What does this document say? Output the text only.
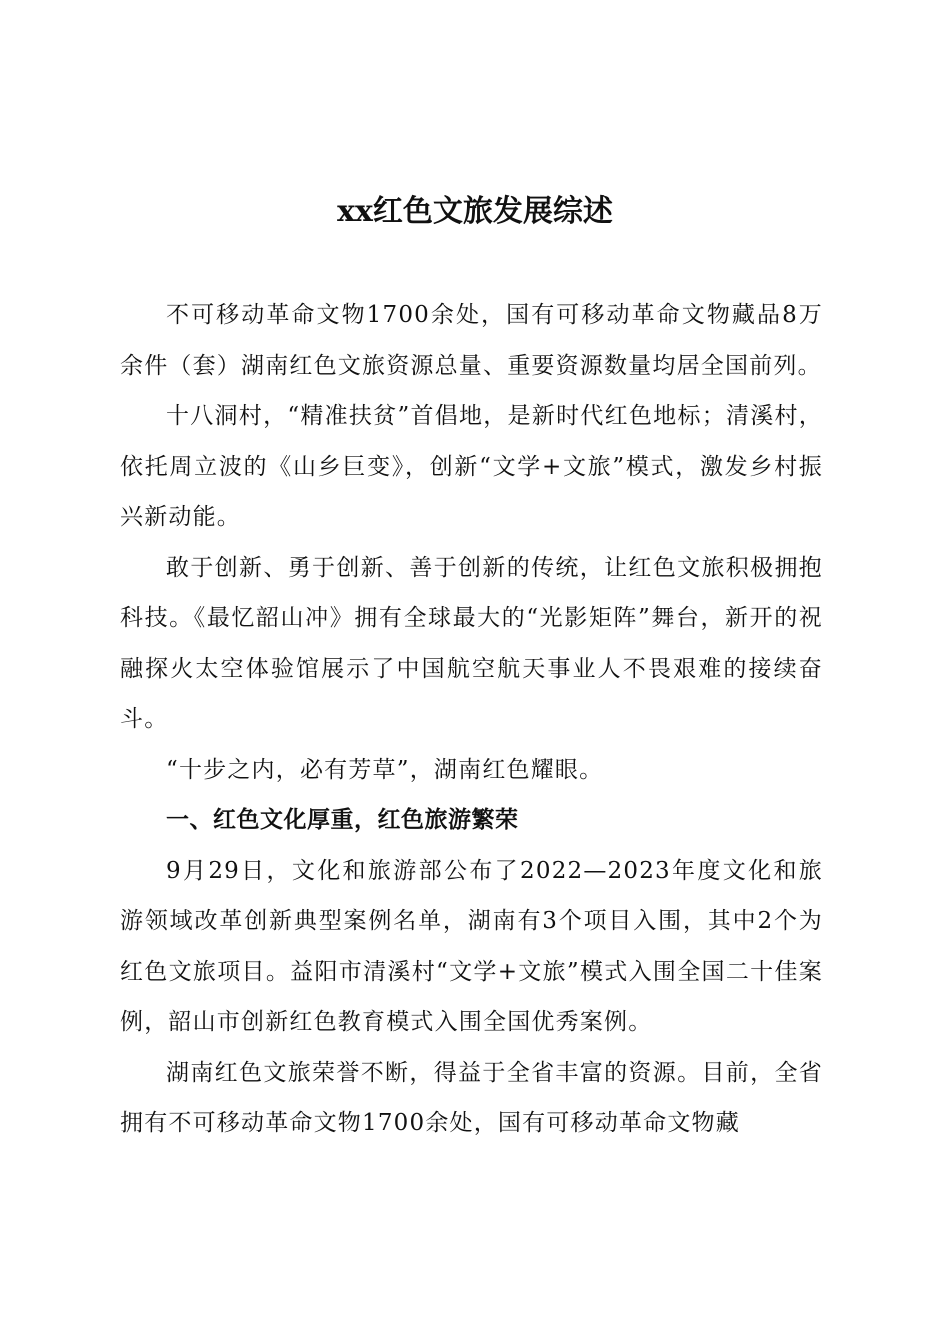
xx红色文旅发展综述

不可移动革命文物1700余处，国有可移动革命文物藏品8万余件（套）湖南红色文旅资源总量、重要资源数量均居全国前列。

十八洞村，“精准扶贫”首倡地，是新时代红色地标；清溪村，依托周立波的《山乡巨变》，创新“文学+文旅”模式，激发乡村振兴新动能。

敢于创新、勇于创新、善于创新的传统，让红色文旅积极拥抱科技。《最忆韶山冲》拥有全球最大的“光影矩阵”舞台，新开的祝融探火太空体验馆展示了中国航空航天事业人不畏艰难的接续奋斗。

“十步之内，必有芳草”，湖南红色耀眼。

一、红色文化厚重，红色旅游繁荣

9月29日，文化和旅游部公布了2022—2023年度文化和旅游领域改革创新典型案例名单，湖南有3个项目入围，其中2个为红色文旅项目。益阳市清溪村“文学+文旅”模式入围全国二十佳案例，韶山市创新红色教育模式入围全国优秀案例。

湖南红色文旅荣誉不断，得益于全省丰富的资源。目前，全省拥有不可移动革命文物1700余处，国有可移动革命文物藏
